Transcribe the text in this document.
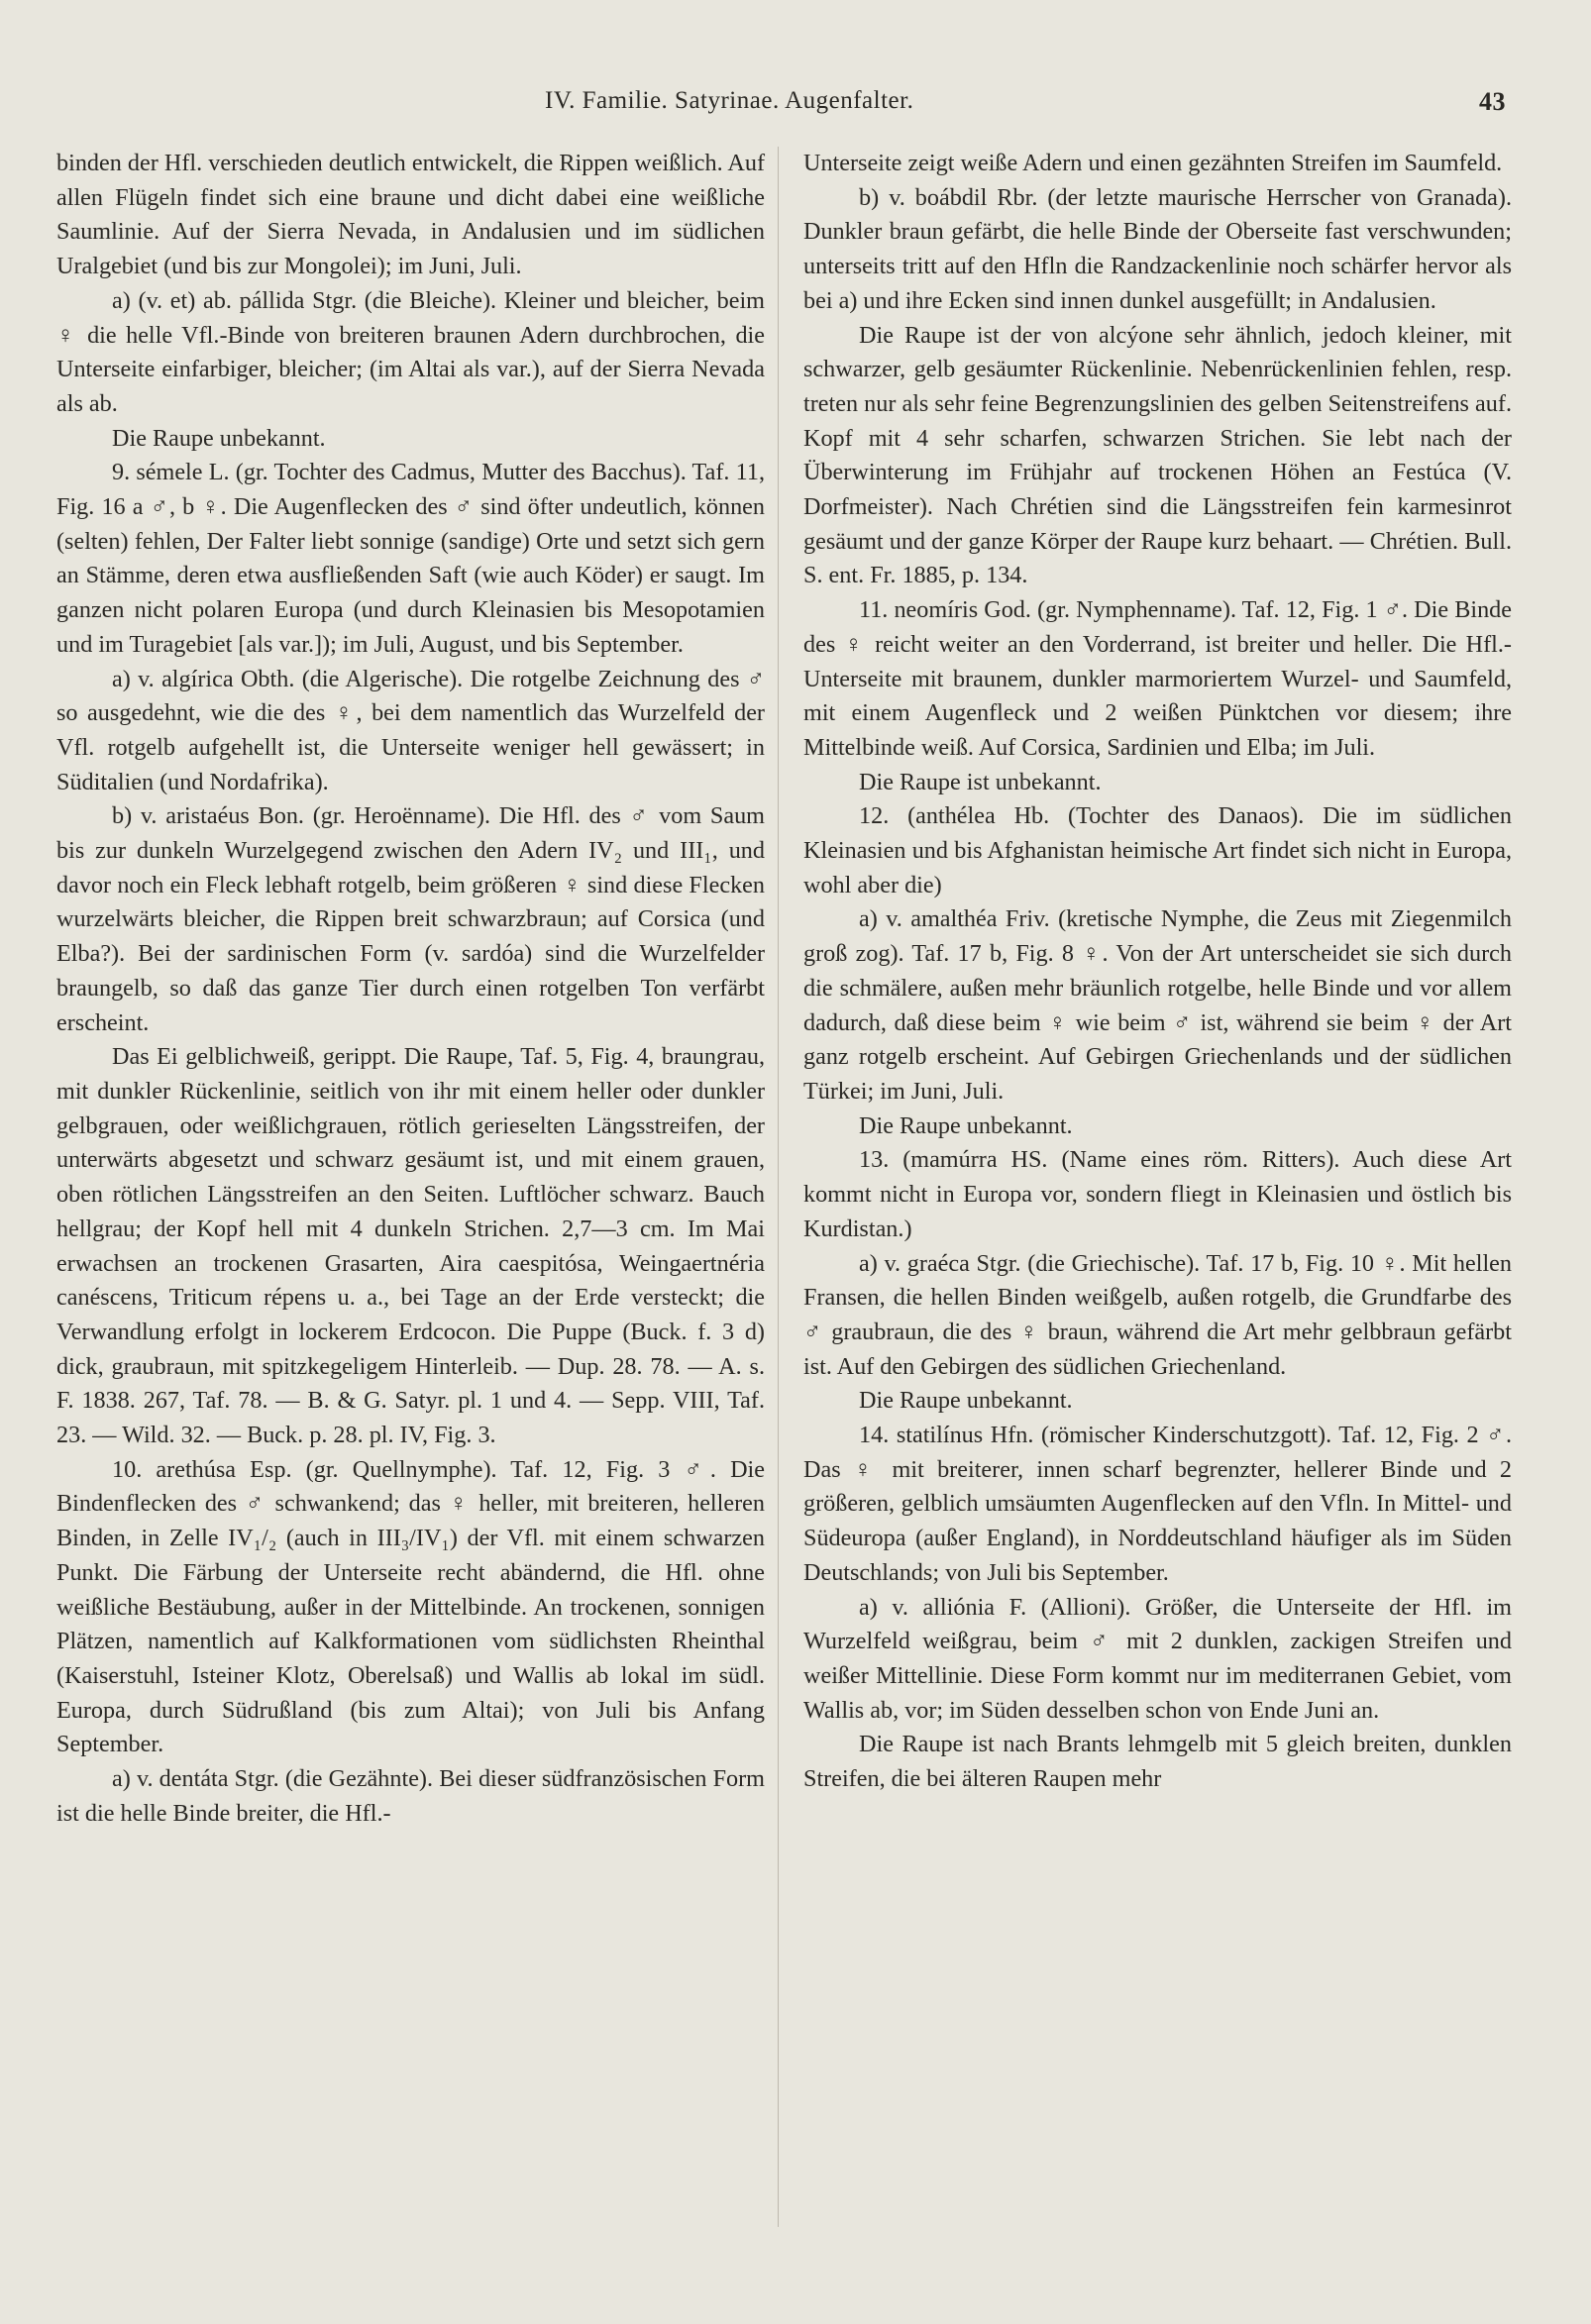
IV. Familie. Satyrinae. Augenfalter.	43

binden der Hfl. verschieden deutlich entwickelt, die Rippen weißlich. Auf allen Flügeln findet sich eine braune und dicht dabei eine weißliche Saumlinie. Auf der Sierra Nevada, in Andalusien und im südlichen Uralgebiet (und bis zur Mongolei); im Juni, Juli.

a) (v. et) ab. pállida Stgr. (die Bleiche). Kleiner und bleicher, beim ♀ die helle Vfl.-Binde von breiteren braunen Adern durchbrochen, die Unterseite einfarbiger, bleicher; (im Altai als var.), auf der Sierra Nevada als ab.

Die Raupe unbekannt.

9. sémele L. (gr. Tochter des Cadmus, Mutter des Bacchus). Taf. 11, Fig. 16 a ♂, b ♀. Die Augenflecken des ♂ sind öfter undeutlich, können (selten) fehlen, Der Falter liebt sonnige (sandige) Orte und setzt sich gern an Stämme, deren etwa ausfließenden Saft (wie auch Köder) er saugt. Im ganzen nicht polaren Europa (und durch Kleinasien bis Mesopotamien und im Turagebiet [als var.]); im Juli, August, und bis September.

a) v. algírica Obth. (die Algerische). Die rotgelbe Zeichnung des ♂ so ausgedehnt, wie die des ♀, bei dem namentlich das Wurzelfeld der Vfl. rotgelb aufgehellt ist, die Unterseite weniger hell gewässert; in Süditalien (und Nordafrika).

b) v. aristaéus Bon. (gr. Heroënname). Die Hfl. des ♂ vom Saum bis zur dunkeln Wurzelgegend zwischen den Adern IV₂ und III₁, und davor noch ein Fleck lebhaft rotgelb, beim größeren ♀ sind diese Flecken wurzelwärts bleicher, die Rippen breit schwarzbraun; auf Corsica (und Elba?). Bei der sardinischen Form (v. sardóa) sind die Wurzelfelder braungelb, so daß das ganze Tier durch einen rotgelben Ton verfärbt erscheint.

Das Ei gelblichweiß, gerippt. Die Raupe, Taf. 5, Fig. 4, braungrau, mit dunkler Rückenlinie, seitlich von ihr mit einem heller oder dunkler gelbgrauen, oder weißlichgrauen, rötlich gerieselten Längsstreifen, der unterwärts abgesetzt und schwarz gesäumt ist, und mit einem grauen, oben rötlichen Längsstreifen an den Seiten. Luftlöcher schwarz. Bauch hellgrau; der Kopf hell mit 4 dunkeln Strichen. 2,7—3 cm. Im Mai erwachsen an trockenen Grasarten, Aira caespitósa, Weingaertnéria canéscens, Triticum répens u. a., bei Tage an der Erde versteckt; die Verwandlung erfolgt in lockerem Erdcocon. Die Puppe (Buck. f. 3 d) dick, graubraun, mit spitzkegeligem Hinterleib. — Dup. 28. 78. — A. s. F. 1838. 267, Taf. 78. — B. & G. Satyr. pl. 1 und 4. — Sepp. VIII, Taf. 23. — Wild. 32. — Buck. p. 28. pl. IV, Fig. 3.

10. arethúsa Esp. (gr. Quellnymphe). Taf. 12, Fig. 3 ♂. Die Bindenflecken des ♂ schwankend; das ♀ heller, mit breiteren, helleren Binden, in Zelle IV₁/₂ (auch in III₃/IV₁) der Vfl. mit einem schwarzen Punkt. Die Färbung der Unterseite recht abändernd, die Hfl. ohne weißliche Bestäubung, außer in der Mittelbinde. An trockenen, sonnigen Plätzen, namentlich auf Kalkformationen vom südlichsten Rheinthal (Kaiserstuhl, Isteiner Klotz, Oberelsaß) und Wallis ab lokal im südl. Europa, durch Südrußland (bis zum Altai); von Juli bis Anfang September.

a) v. dentáta Stgr. (die Gezähnte). Bei dieser südfranzösischen Form ist die helle Binde breiter, die Hfl.-

Unterseite zeigt weiße Adern und einen gezähnten Streifen im Saumfeld.

b) v. boábdil Rbr. (der letzte maurische Herrscher von Granada). Dunkler braun gefärbt, die helle Binde der Oberseite fast verschwunden; unterseits tritt auf den Hfln die Randzackenlinie noch schärfer hervor als bei a) und ihre Ecken sind innen dunkel ausgefüllt; in Andalusien.

Die Raupe ist der von alcýone sehr ähnlich, jedoch kleiner, mit schwarzer, gelb gesäumter Rückenlinie. Nebenrückenlinien fehlen, resp. treten nur als sehr feine Begrenzungslinien des gelben Seitenstreifens auf. Kopf mit 4 sehr scharfen, schwarzen Strichen. Sie lebt nach der Überwinterung im Frühjahr auf trockenen Höhen an Festúca (V. Dorfmeister). Nach Chrétien sind die Längsstreifen fein karmesinrot gesäumt und der ganze Körper der Raupe kurz behaart. — Chrétien. Bull. S. ent. Fr. 1885, p. 134.

11. neomíris God. (gr. Nymphenname). Taf. 12, Fig. 1 ♂. Die Binde des ♀ reicht weiter an den Vorderrand, ist breiter und heller. Die Hfl.-Unterseite mit braunem, dunkler marmoriertem Wurzel- und Saumfeld, mit einem Augenfleck und 2 weißen Pünktchen vor diesem; ihre Mittelbinde weiß. Auf Corsica, Sardinien und Elba; im Juli.

Die Raupe ist unbekannt.

12. (anthélea Hb. (Tochter des Danaos). Die im südlichen Kleinasien und bis Afghanistan heimische Art findet sich nicht in Europa, wohl aber die)

a) v. amalthéa Friv. (kretische Nymphe, die Zeus mit Ziegenmilch groß zog). Taf. 17 b, Fig. 8 ♀. Von der Art unterscheidet sie sich durch die schmälere, außen mehr bräunlich rotgelbe, helle Binde und vor allem dadurch, daß diese beim ♀ wie beim ♂ ist, während sie beim ♀ der Art ganz rotgelb erscheint. Auf Gebirgen Griechenlands und der südlichen Türkei; im Juni, Juli.

Die Raupe unbekannt.

13. (mamúrra HS. (Name eines röm. Ritters). Auch diese Art kommt nicht in Europa vor, sondern fliegt in Kleinasien und östlich bis Kurdistan.)

a) v. graéca Stgr. (die Griechische). Taf. 17 b, Fig. 10 ♀. Mit hellen Fransen, die hellen Binden weißgelb, außen rotgelb, die Grundfarbe des ♂ graubraun, die des ♀ braun, während die Art mehr gelbbraun gefärbt ist. Auf den Gebirgen des südlichen Griechenland.

Die Raupe unbekannt.

14. statilínus Hfn. (römischer Kinderschutzgott). Taf. 12, Fig. 2 ♂. Das ♀ mit breiterer, innen scharf begrenzter, hellerer Binde und 2 größeren, gelblich umsäumten Augenflecken auf den Vfln. In Mittel- und Südeuropa (außer England), in Norddeutschland häufiger als im Süden Deutschlands; von Juli bis September.

a) v. alliónia F. (Allioni). Größer, die Unterseite der Hfl. im Wurzelfeld weißgrau, beim ♂ mit 2 dunklen, zackigen Streifen und weißer Mittellinie. Diese Form kommt nur im mediterranen Gebiet, vom Wallis ab, vor; im Süden desselben schon von Ende Juni an.

Die Raupe ist nach Brants lehmgelb mit 5 gleich breiten, dunklen Streifen, die bei älteren Raupen mehr
